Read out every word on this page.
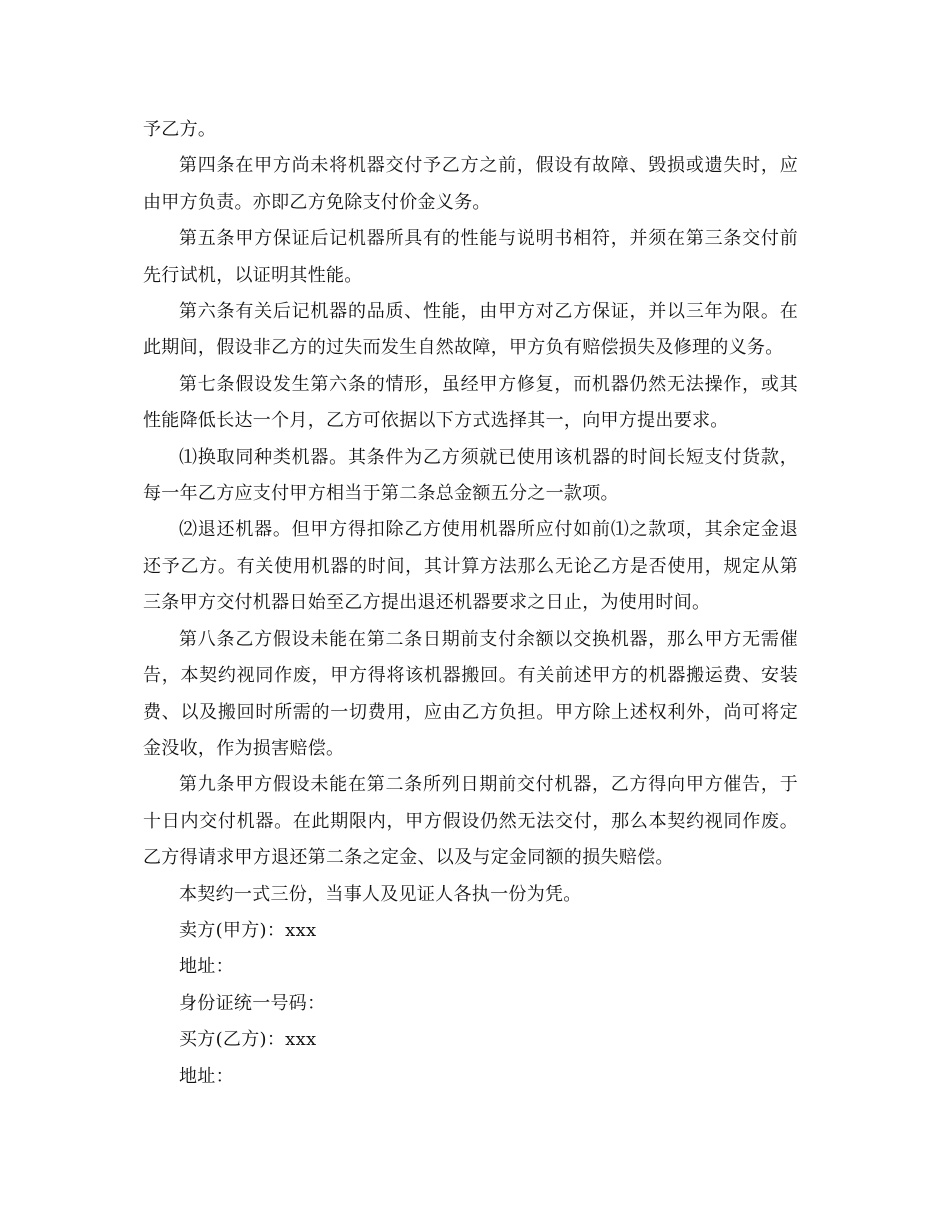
予乙方。

第四条在甲方尚未将机器交付予乙方之前，假设有故障、毁损或遗失时，应由甲方负责。亦即乙方免除支付价金义务。

第五条甲方保证后记机器所具有的性能与说明书相符，并须在第三条交付前先行试机，以证明其性能。

第六条有关后记机器的品质、性能，由甲方对乙方保证，并以三年为限。在此期间，假设非乙方的过失而发生自然故障，甲方负有赔偿损失及修理的义务。

第七条假设发生第六条的情形，虽经甲方修复，而机器仍然无法操作，或其性能降低长达一个月，乙方可依据以下方式选择其一，向甲方提出要求。

⑴换取同种类机器。其条件为乙方须就已使用该机器的时间长短支付货款，每一年乙方应支付甲方相当于第二条总金额五分之一款项。

⑵退还机器。但甲方得扣除乙方使用机器所应付如前⑴之款项，其余定金退还予乙方。有关使用机器的时间，其计算方法那么无论乙方是否使用，规定从第三条甲方交付机器日始至乙方提出退还机器要求之日止，为使用时间。

第八条乙方假设未能在第二条日期前支付余额以交换机器，那么甲方无需催告，本契约视同作废，甲方得将该机器搬回。有关前述甲方的机器搬运费、安装费、以及搬回时所需的一切费用，应由乙方负担。甲方除上述权利外，尚可将定金没收，作为损害赔偿。

第九条甲方假设未能在第二条所列日期前交付机器，乙方得向甲方催告，于十日内交付机器。在此期限内，甲方假设仍然无法交付，那么本契约视同作废。乙方得请求甲方退还第二条之定金、以及与定金同额的损失赔偿。

本契约一式三份，当事人及见证人各执一份为凭。

卖方(甲方)：xxx

地址：

身份证统一号码：

买方(乙方)：xxx

地址：
